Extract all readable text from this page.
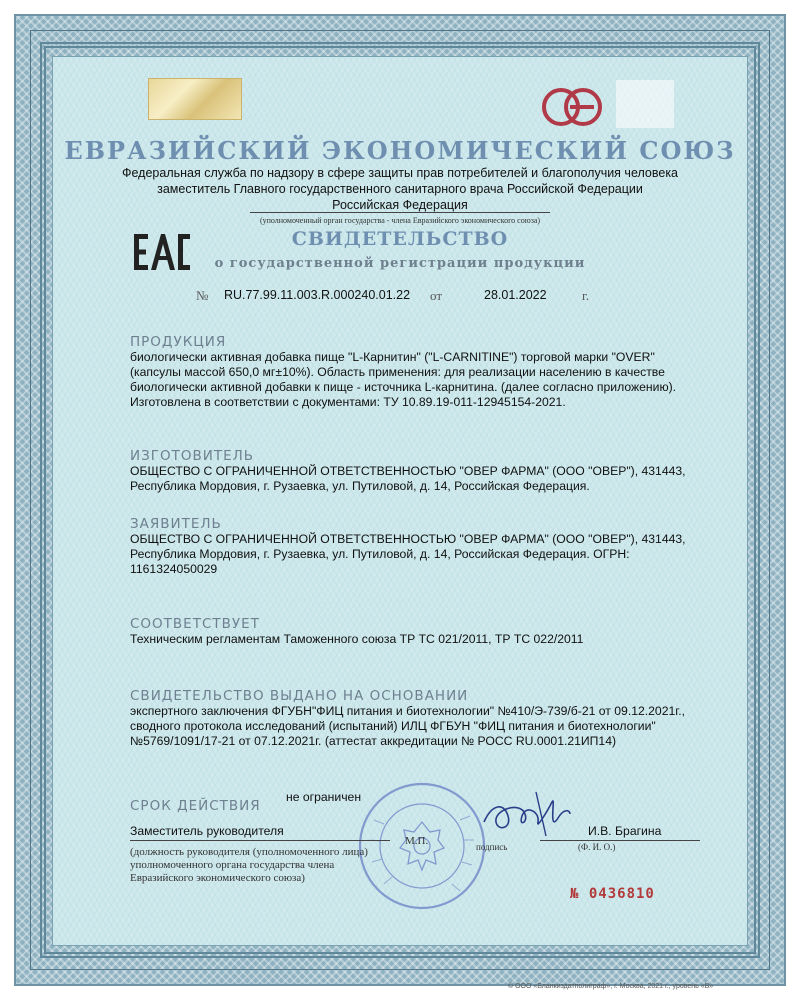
ЕВРАЗИЙСКИЙ ЭКОНОМИЧЕСКИЙ СОЮЗ
Федеральная служба по надзору в сфере защиты прав потребителей и благополучия человека
заместитель Главного государственного санитарного врача Российской Федерации
Российская Федерация
(уполномоченный орган государства - члена Евразийского экономического союза)
СВИДЕТЕЛЬСТВО
о государственной регистрации продукции
№ RU.77.99.11.003.R.000240.01.22 от	28.01.2022	г.
ПРОДУКЦИЯ
биологически активная добавка пище "L-Карнитин" ("L-CARNITINE") торговой марки "OVER"
(капсулы массой 650,0 мг±10%). Область применения: для реализации населению в качестве
биологически активной добавки к пище - источника L-карнитина. (далее согласно приложению).
Изготовлена в соответствии с документами: ТУ 10.89.19-011-12945154-2021.
ИЗГОТОВИТЕЛЬ
ОБЩЕСТВО С ОГРАНИЧЕННОЙ ОТВЕТСТВЕННОСТЬЮ "ОВЕР ФАРМА" (ООО "ОВЕР"), 431443,
Республика Мордовия, г. Рузаевка, ул. Путиловой, д. 14, Российская Федерация.
ЗАЯВИТЕЛЬ
ОБЩЕСТВО С ОГРАНИЧЕННОЙ ОТВЕТСТВЕННОСТЬЮ "ОВЕР ФАРМА" (ООО "ОВЕР"), 431443,
Республика Мордовия, г. Рузаевка, ул. Путиловой, д. 14, Российская Федерация. ОГРН:
1161324050029
СООТВЕТСТВУЕТ
Техническим регламентам Таможенного союза ТР ТС 021/2011, ТР ТС 022/2011
СВИДЕТЕЛЬСТВО ВЫДАНО НА ОСНОВАНИИ
экспертного заключения ФГУБН"ФИЦ питания и биотехнологии" №410/Э-739/б-21 от 09.12.2021г.,
сводного протокола исследований (испытаний) ИЛЦ ФГБУН "ФИЦ питания и биотехнологии"
№5769/1091/17-21 от 07.12.2021г. (аттестат аккредитации № РОСС RU.0001.21ИП14)
СРОК ДЕЙСТВИЯ
не ограничен
Заместитель руководителя	И.В. Брагина
М.П.	подпись	(Ф. И. О.)
(должность руководителя (уполномоченного лица) уполномоченного органа государства члена Евразийского экономического союза)
№ 0436810
© ООО «Бланкиздатполиграф», г. Москва, 2021 г., уровень «В»
